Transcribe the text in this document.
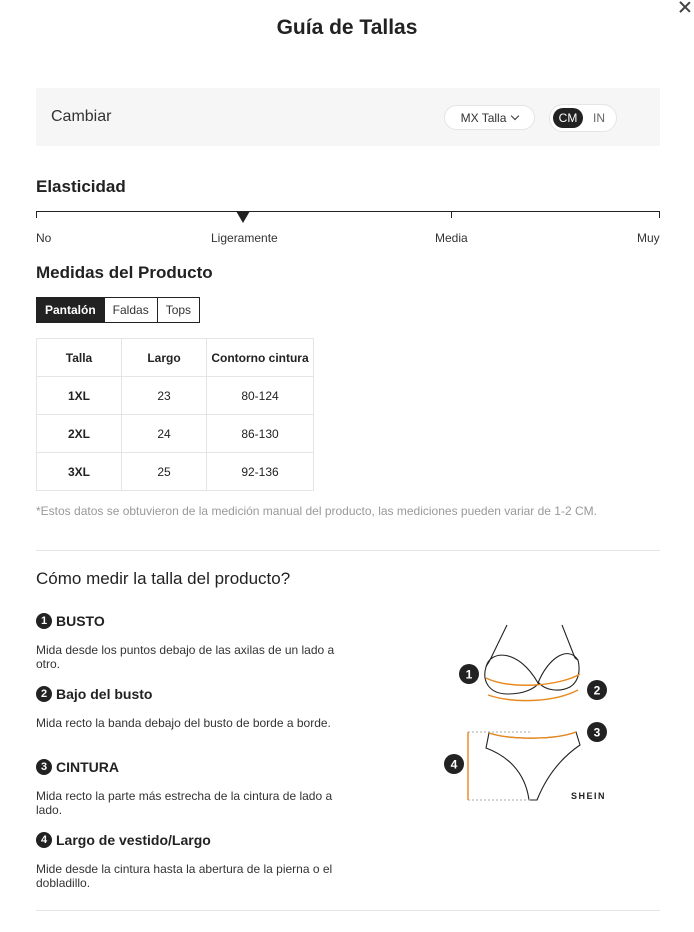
Guía de Tallas
Cambiar	MX Talla	CM	IN
Elasticidad
No	Ligeramente	Media	Muy
Medidas del Producto
Pantalón	Faldas	Tops
Talla	Largo	Contorno cintura
1XL	23	80-124
2XL	24	86-130
3XL	25	92-136
*Estos datos se obtuvieron de la medición manual del producto, las mediciones pueden variar de 1-2 CM.
Cómo medir la talla del producto?
1 BUSTO
Mida desde los puntos debajo de las axilas de un lado a otro.
2 Bajo del busto
Mida recto la banda debajo del busto de borde a borde.
3 CINTURA
Mida recto la parte más estrecha de la cintura de lado a lado.
4 Largo de vestido/Largo
Mide desde la cintura hasta la abertura de la pierna o el dobladillo.
1
2
3
4
SHEIN
